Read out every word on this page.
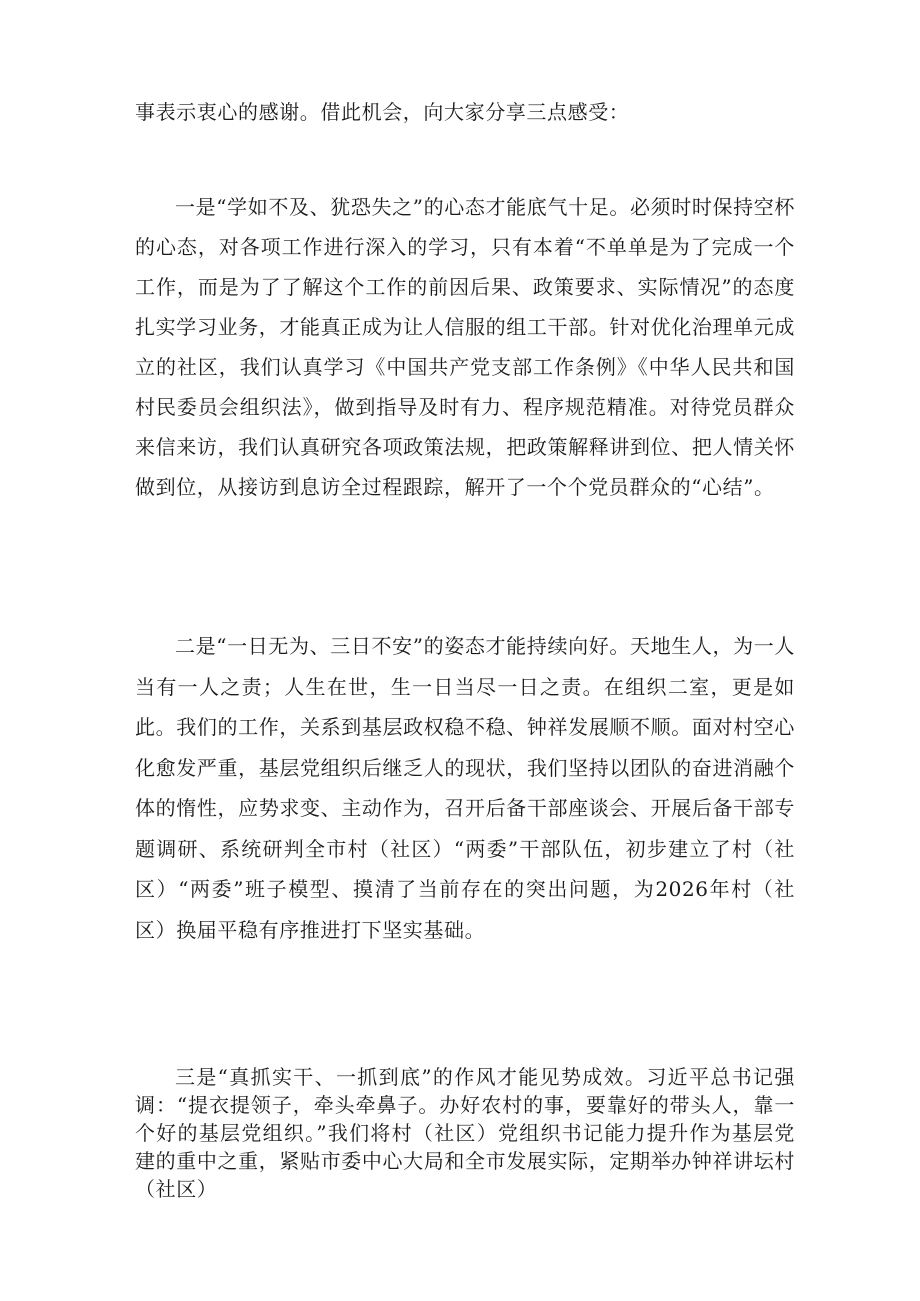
事表示衷心的感谢。借此机会，向大家分享三点感受：

一是“学如不及、犹恐失之”的心态才能底气十足。必须时时保持空杯的心态，对各项工作进行深入的学习，只有本着“不单单是为了完成一个工作，而是为了了解这个工作的前因后果、政策要求、实际情况”的态度扎实学习业务，才能真正成为让人信服的组工干部。针对优化治理单元成立的社区，我们认真学习《中国共产党支部工作条例》《中华人民共和国村民委员会组织法》，做到指导及时有力、程序规范精准。对待党员群众来信来访，我们认真研究各项政策法规，把政策解释讲到位、把人情关怀做到位，从接访到息访全过程跟踪，解开了一个个党员群众的“心结”。

二是“一日无为、三日不安”的姿态才能持续向好。天地生人，为一人当有一人之责；人生在世，生一日当尽一日之责。在组织二室，更是如此。我们的工作，关系到基层政权稳不稳、钟祥发展顺不顺。面对村空心化愈发严重，基层党组织后继乏人的现状，我们坚持以团队的奋进消融个体的惰性，应势求变、主动作为，召开后备干部座谈会、开展后备干部专题调研、系统研判全市村（社区）“两委”干部队伍，初步建立了村（社区）“两委”班子模型、摸清了当前存在的突出问题，为2026年村（社区）换届平稳有序推进打下坚实基础。

三是“真抓实干、一抓到底”的作风才能见势成效。习近平总书记强调：“提衣提领子，牵头牵鼻子。办好农村的事，要靠好的带头人，靠一个好的基层党组织。”我们将村（社区）党组织书记能力提升作为基层党建的重中之重，紧贴市委中心大局和全市发展实际，定期举办钟祥讲坛村（社区）
